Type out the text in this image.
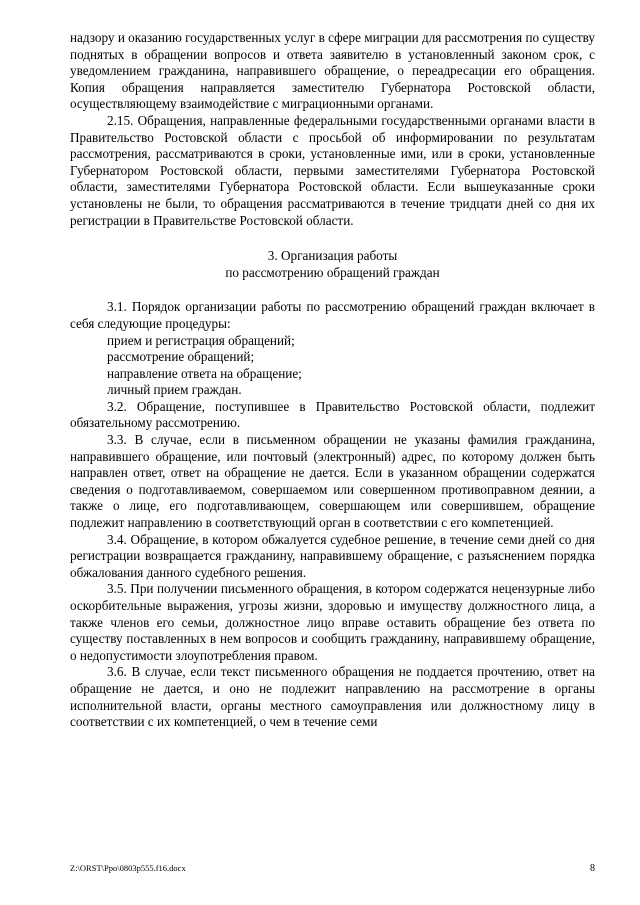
надзору и оказанию государственных услуг в сфере миграции для рассмотрения по существу поднятых в обращении вопросов и ответа заявителю в установленный законом срок, с уведомлением гражданина, направившего обращение, о переадресации его обращения. Копия обращения направляется заместителю Губернатора Ростовской области, осуществляющему взаимодействие с миграционными органами.

2.15. Обращения, направленные федеральными государственными органами власти в Правительство Ростовской области с просьбой об информировании по результатам рассмотрения, рассматриваются в сроки, установленные ими, или в сроки, установленные Губернатором Ростовской области, первыми заместителями Губернатора Ростовской области, заместителями Губернатора Ростовской области. Если вышеуказанные сроки установлены не были, то обращения рассматриваются в течение тридцати дней со дня их регистрации в Правительстве Ростовской области.

3. Организация работы

по рассмотрению обращений граждан

3.1. Порядок организации работы по рассмотрению обращений граждан включает в себя следующие процедуры:

прием и регистрация обращений;

рассмотрение обращений;

направление ответа на обращение;

личный прием граждан.

3.2. Обращение, поступившее в Правительство Ростовской области, подлежит обязательному рассмотрению.

3.3. В случае, если в письменном обращении не указаны фамилия гражданина, направившего обращение, или почтовый (электронный) адрес, по которому должен быть направлен ответ, ответ на обращение не дается. Если в указанном обращении содержатся сведения о подготавливаемом, совершаемом или совершенном противоправном деянии, а также о лице, его подготавливающем, совершающем или совершившем, обращение подлежит направлению в соответствующий орган в соответствии с его компетенцией.

3.4. Обращение, в котором обжалуется судебное решение, в течение семи дней со дня регистрации возвращается гражданину, направившему обращение, с разъяснением порядка обжалования данного судебного решения.

3.5. При получении письменного обращения, в котором содержатся нецензурные либо оскорбительные выражения, угрозы жизни, здоровью и имуществу должностного лица, а также членов его семьи, должностное лицо вправе оставить обращение без ответа по существу поставленных в нем вопросов и сообщить гражданину, направившему обращение, о недопустимости злоупотребления правом.

3.6. В случае, если текст письменного обращения не поддается прочтению, ответ на обращение не дается, и оно не подлежит направлению на рассмотрение в органы исполнительной власти, органы местного самоуправления или должностному лицу в соответствии с их компетенцией, о чем в течение семи

Z:\ORST\Ppo\0803p555.f16.docx	8
